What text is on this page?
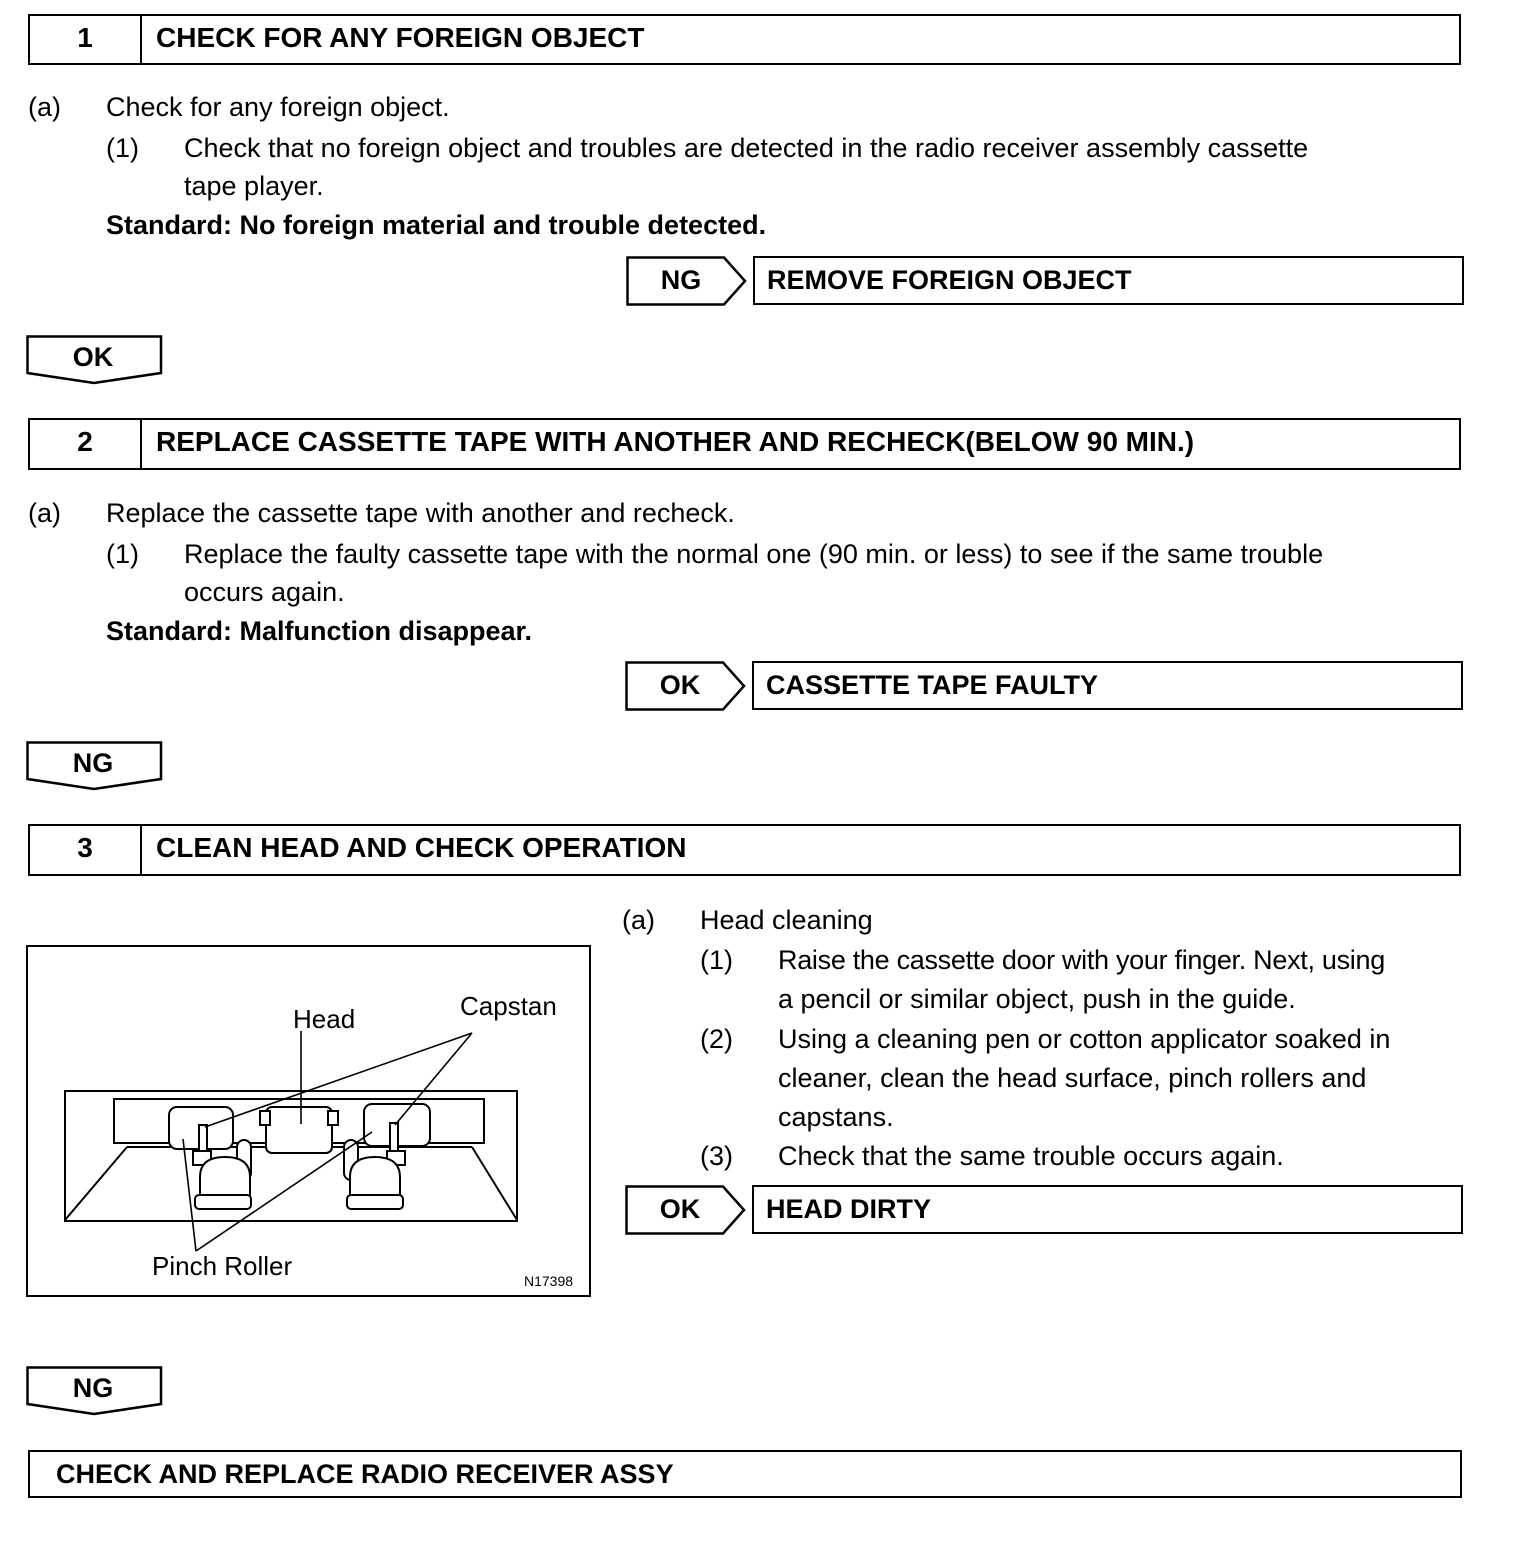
1	CHECK FOR ANY FOREIGN OBJECT
(a) Check for any foreign object.
(1) Check that no foreign object and troubles are detected in the radio receiver assembly cassette
tape player.
Standard: No foreign material and trouble detected.
NG	REMOVE FOREIGN OBJECT
OK
2	REPLACE CASSETTE TAPE WITH ANOTHER AND RECHECK(BELOW 90 MIN.)
(a) Replace the cassette tape with another and recheck.
(1) Replace the faulty cassette tape with the normal one (90 min. or less) to see if the same trouble
occurs again.
Standard: Malfunction disappear.
OK	CASSETTE TAPE FAULTY
NG
3	CLEAN HEAD AND CHECK OPERATION
Head	Capstan
Pinch Roller	N17398
(a) Head cleaning
(1) Raise the cassette door with your finger. Next, using
a pencil or similar object, push in the guide.
(2) Using a cleaning pen or cotton applicator soaked in
cleaner, clean the head surface, pinch rollers and
capstans.
(3) Check that the same trouble occurs again.
OK	HEAD DIRTY
NG
CHECK AND REPLACE RADIO RECEIVER ASSY
